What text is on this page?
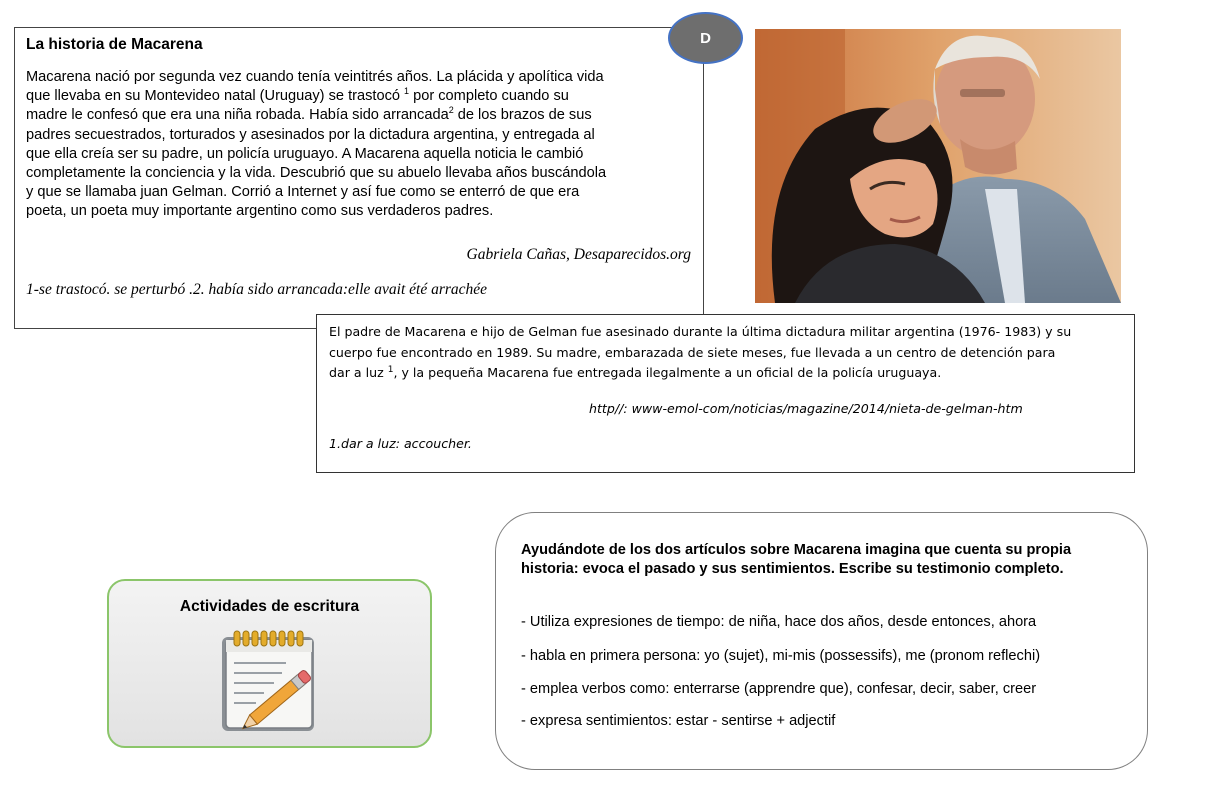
La historia de Macarena
Macarena nació por segunda vez cuando tenía veintitrés años. La plácida y apolítica vida
que llevaba en su Montevideo natal (Uruguay) se trastocó $^1$ por completo cuando su
madre le confesó que era una niña robada. Había sido arrancada$^2$ de los brazos de sus
padres secuestrados, torturados y asesinados por la dictadura argentina, y entregada al
que ella creía ser su padre, un policía uruguayo. A Macarena aquella noticia le cambió
completamente la conciencia y la vida. Descubrió que su abuelo llevaba años buscándola
y que se llamaba juan Gelman. Corrió a Internet y así fue como se enterró de que era
poeta, un poeta muy importante argentino como sus verdaderos padres.
Gabriela Cañas, Desaparecidos.org
1-se trastocó. se perturbó .2. había sido arrancada:elle avait été arrachée
D
El padre de Macarena e hijo de Gelman fue asesinado durante la última dictadura militar argentina (1976- 1983) y su
cuerpo fue encontrado en 1989. Su madre, embarazada de siete meses, fue llevada a un centro de detención para
dar a luz $^1$, y la pequeña Macarena fue entregada ilegalmente a un oficial de la policía uruguaya.
http//: www-emol-com/noticias/magazine/2014/nieta-de-gelman-htm
1.dar a luz: accoucher.
Actividades de escritura
Ayudándote de los dos artículos sobre Macarena imagina que cuenta su propia historia: evoca el pasado y sus sentimientos. Escribe su testimonio completo.
- Utiliza expresiones de tiempo: de niña, hace dos años, desde entonces, ahora
- habla en primera persona: yo (sujet), mi-mis (possessifs), me (pronom reflechi)
- emplea verbos como: enterrarse (apprendre que), confesar, decir, saber, creer
- expresa sentimientos: estar - sentirse + adjectif
